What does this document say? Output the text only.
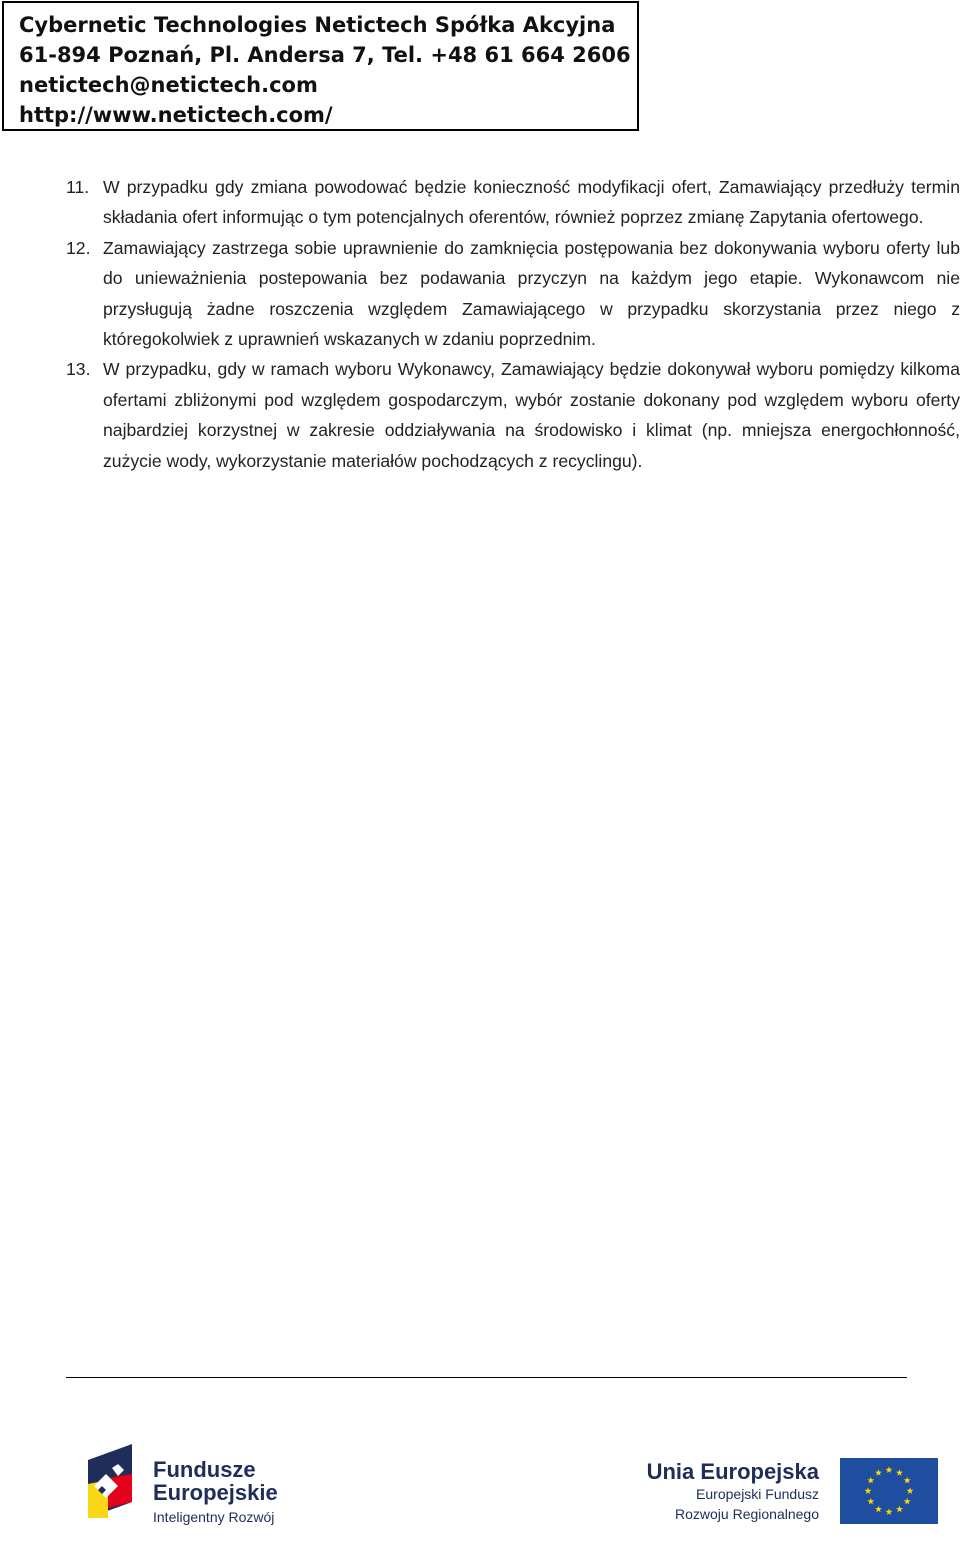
Cybernetic Technologies Netictech Spółka Akcyjna
61-894 Poznań, Pl. Andersa 7, Tel. +48 61 664 2606
netictech@netictech.com
http://www.netictech.com/
11. W przypadku gdy zmiana powodować będzie konieczność modyfikacji ofert, Zamawiający przedłuży termin składania ofert informując o tym potencjalnych oferentów, również poprzez zmianę Zapytania ofertowego.
12. Zamawiający zastrzega sobie uprawnienie do zamknięcia postępowania bez dokonywania wyboru oferty lub do unieważnienia postepowania bez podawania przyczyn na każdym jego etapie. Wykonawcom nie przysługują żadne roszczenia względem Zamawiającego w przypadku skorzystania przez niego z któregokolwiek z uprawnień wskazanych w zdaniu poprzednim.
13. W przypadku, gdy w ramach wyboru Wykonawcy, Zamawiający będzie dokonywał wyboru pomiędzy kilkoma ofertami zbliżonymi pod względem gospodarczym, wybór zostanie dokonany pod względem wyboru oferty najbardziej korzystnej w zakresie oddziaływania na środowisko i klimat (np. mniejsza energochłonność, zużycie wody, wykorzystanie materiałów pochodzących z recyclingu).
Fundusze
Europejskie
Inteligentny Rozwój
Unia Europejska
Europejski Fundusz
Rozwoju Regionalnego
